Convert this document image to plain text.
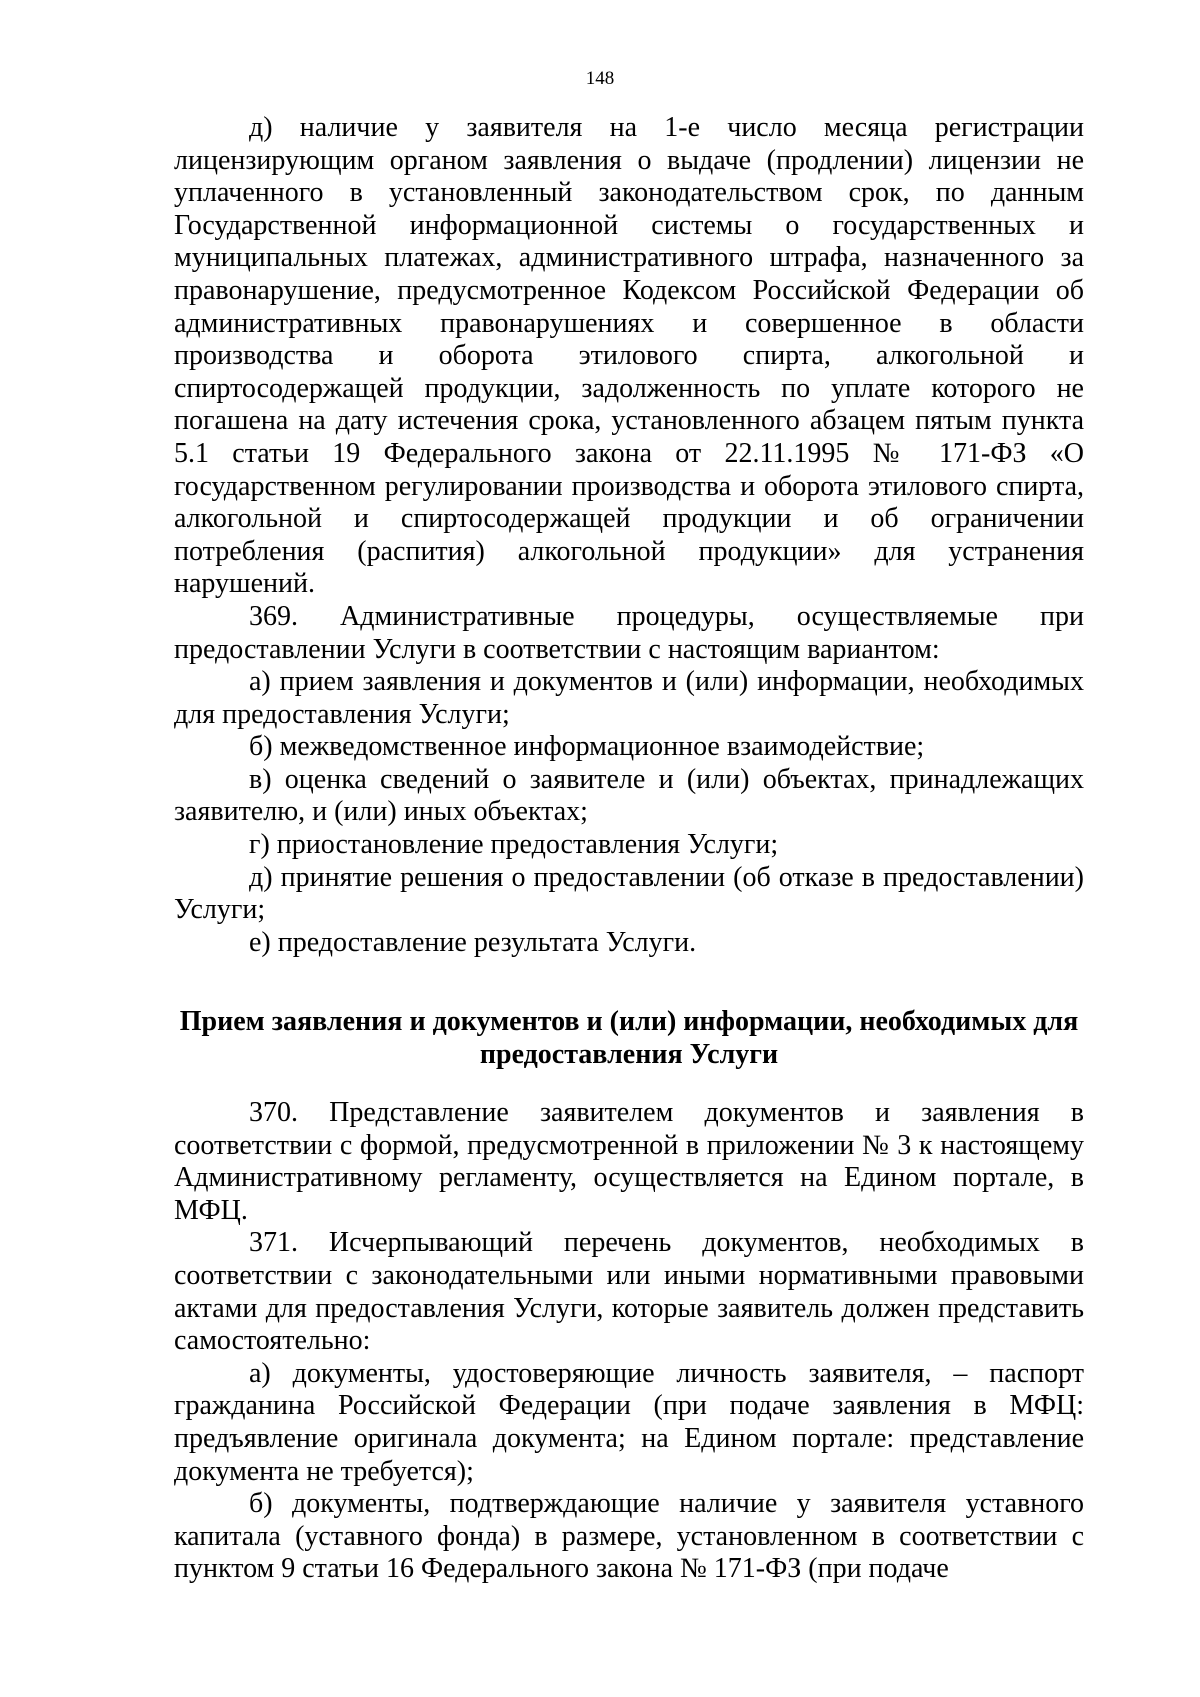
148

д) наличие у заявителя на 1-е число месяца регистрации лицензирующим органом заявления о выдаче (продлении) лицензии не уплаченного в установленный законодательством срок, по данным Государственной информационной системы о государственных и муниципальных платежах, административного штрафа, назначенного за правонарушение, предусмотренное Кодексом Российской Федерации об административных правонарушениях и совершенное в области производства и оборота этилового спирта, алкогольной и спиртосодержащей продукции, задолженность по уплате которого не погашена на дату истечения срока, установленного абзацем пятым пункта 5.1 статьи 19 Федерального закона от 22.11.1995 № 171-ФЗ «О государственном регулировании производства и оборота этилового спирта, алкогольной и спиртосодержащей продукции и об ограничении потребления (распития) алкогольной продукции» для устранения нарушений.

369. Административные процедуры, осуществляемые при предоставлении Услуги в соответствии с настоящим вариантом:

а) прием заявления и документов и (или) информации, необходимых для предоставления Услуги;

б) межведомственное информационное взаимодействие;

в) оценка сведений о заявителе и (или) объектах, принадлежащих заявителю, и (или) иных объектах;

г) приостановление предоставления Услуги;

д) принятие решения о предоставлении (об отказе в предоставлении) Услуги;

е) предоставление результата Услуги.

Прием заявления и документов и (или) информации, необходимых для предоставления Услуги

370. Представление заявителем документов и заявления в соответствии с формой, предусмотренной в приложении № 3 к настоящему Административному регламенту, осуществляется на Едином портале, в МФЦ.

371. Исчерпывающий перечень документов, необходимых в соответствии с законодательными или иными нормативными правовыми актами для предоставления Услуги, которые заявитель должен представить самостоятельно:

а) документы, удостоверяющие личность заявителя, – паспорт гражданина Российской Федерации (при подаче заявления в МФЦ: предъявление оригинала документа; на Едином портале: представление документа не требуется);

б) документы, подтверждающие наличие у заявителя уставного капитала (уставного фонда) в размере, установленном в соответствии с пунктом 9 статьи 16 Федерального закона № 171-ФЗ (при подаче
